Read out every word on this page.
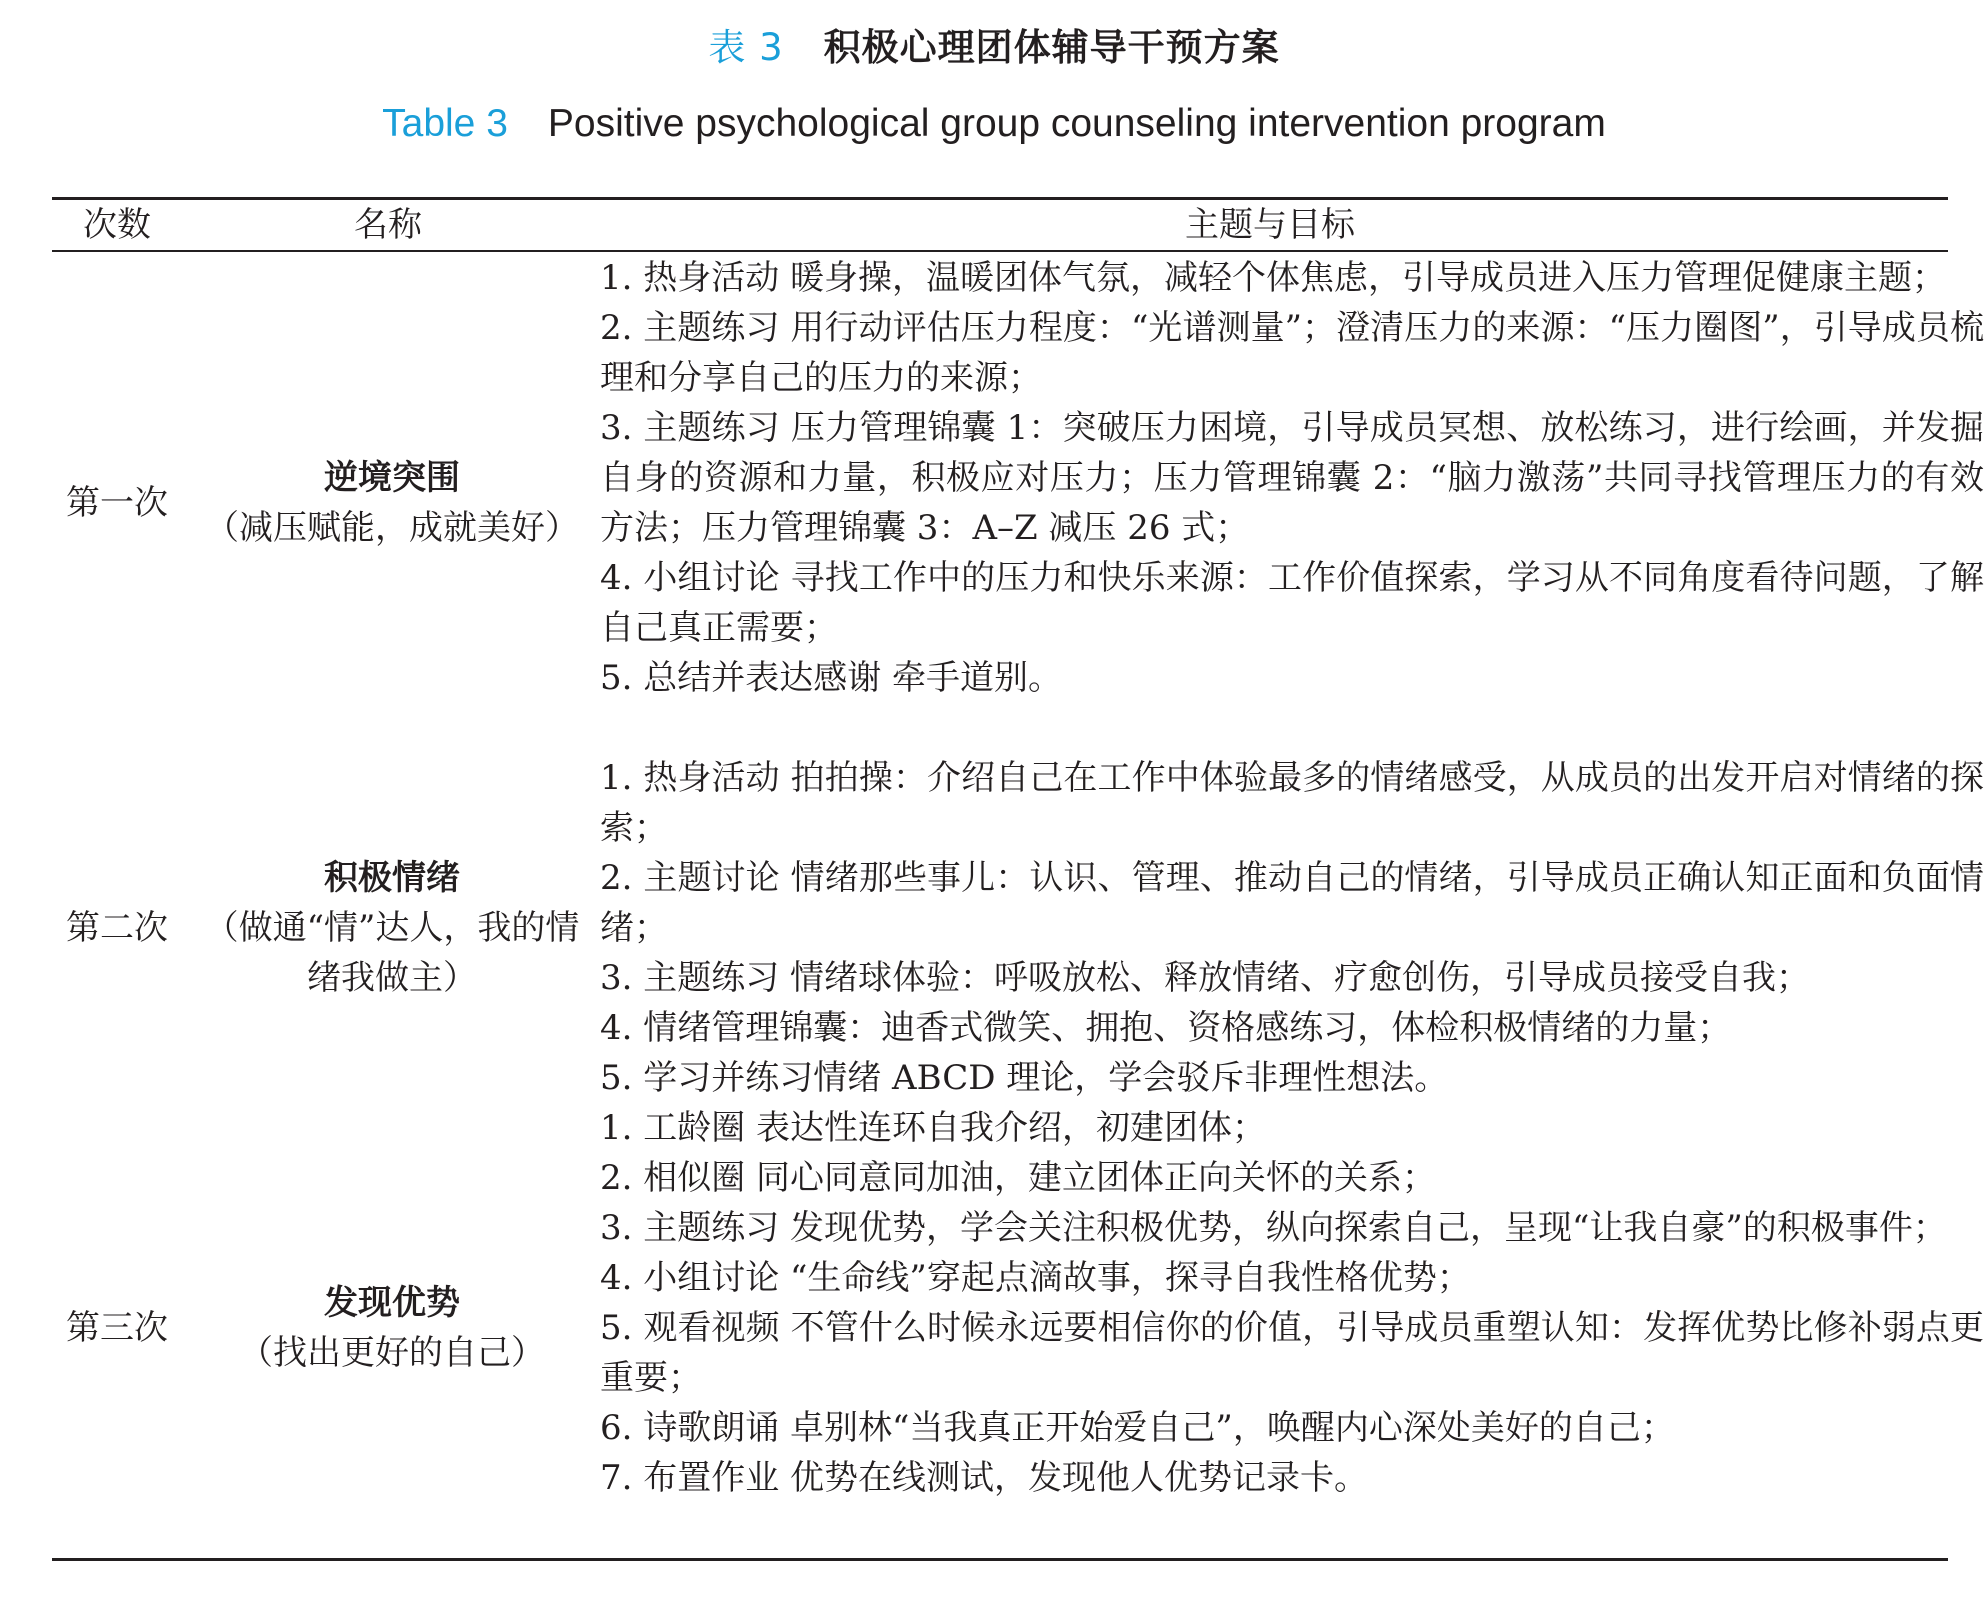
表 3 积极心理团体辅导干预方案
Table 3 Positive psychological group counseling intervention program
次数	名称	主题与目标
第一次
逆境突围
（减压赋能，成就美好）
1. 热身活动 暖身操，温暖团体气氛，减轻个体焦虑，引导成员进入压力管理促健康主题；
2. 主题练习 用行动评估压力程度：“光谱测量”；澄清压力的来源：“压力圈图”，引导成员梳理和分享自己的压力的来源；
3. 主题练习 压力管理锦囊 1：突破压力困境，引导成员冥想、放松练习，进行绘画，并发掘自身的资源和力量，积极应对压力；压力管理锦囊 2：“脑力激荡”共同寻找管理压力的有效方法；压力管理锦囊 3：A–Z 减压 26 式；
4. 小组讨论 寻找工作中的压力和快乐来源：工作价值探索，学习从不同角度看待问题，了解自己真正需要；
5. 总结并表达感谢 牵手道别。
第二次
积极情绪
（做通“情”达人，我的情绪我做主）
1. 热身活动 拍拍操：介绍自己在工作中体验最多的情绪感受，从成员的出发开启对情绪的探索；
2. 主题讨论 情绪那些事儿：认识、管理、推动自己的情绪，引导成员正确认知正面和负面情绪；
3. 主题练习 情绪球体验：呼吸放松、释放情绪、疗愈创伤，引导成员接受自我；
4. 情绪管理锦囊：迪香式微笑、拥抱、资格感练习，体检积极情绪的力量；
5. 学习并练习情绪 ABCD 理论，学会驳斥非理性想法。
第三次
发现优势
（找出更好的自己）
1. 工龄圈 表达性连环自我介绍，初建团体；
2. 相似圈 同心同意同加油，建立团体正向关怀的关系；
3. 主题练习 发现优势，学会关注积极优势，纵向探索自己，呈现“让我自豪”的积极事件；
4. 小组讨论 “生命线”穿起点滴故事，探寻自我性格优势；
5. 观看视频 不管什么时候永远要相信你的价值，引导成员重塑认知：发挥优势比修补弱点更重要；
6. 诗歌朗诵 卓别林“当我真正开始爱自己”，唤醒内心深处美好的自己；
7. 布置作业 优势在线测试，发现他人优势记录卡。
